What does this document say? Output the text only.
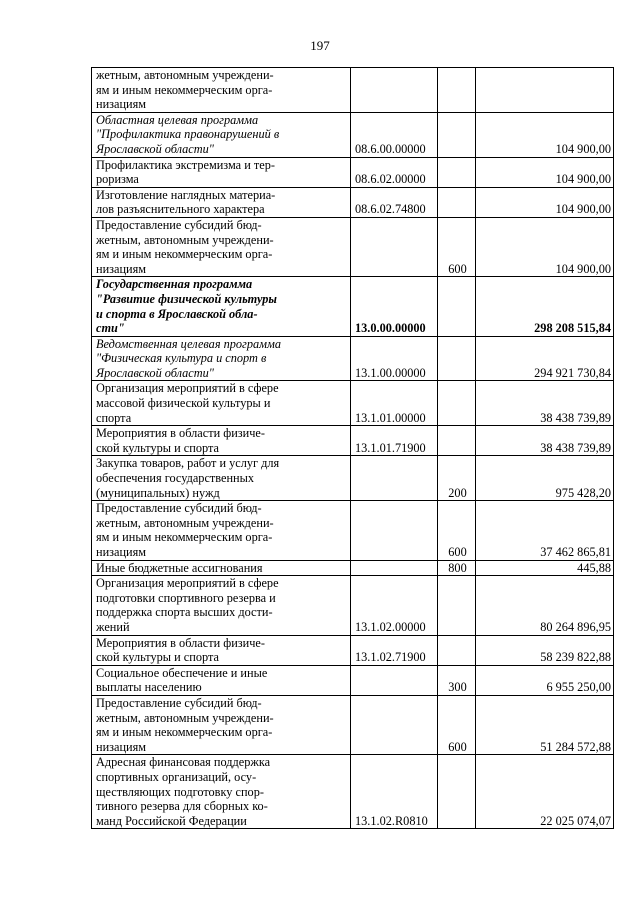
197
жетным, автономным учреждени-
ям и иным некоммерческим орга-
низациям			

Областная целевая программа
"Профилактика правонарушений в
Ярославской области"	08.6.00.00000		104 900,00

Профилактика экстремизма и тер-
роризма	08.6.02.00000		104 900,00

Изготовление наглядных материа-
лов разъяснительного характера	08.6.02.74800		104 900,00

Предоставление субсидий бюд-
жетным, автономным учреждени-
ям и иным некоммерческим орга-
низациям		600	104 900,00

Государственная программа
"Развитие физической культуры
и спорта в Ярославской обла-
сти"	13.0.00.00000		298 208 515,84

Ведомственная целевая программа
"Физическая культура и спорт в
Ярославской области"	13.1.00.00000		294 921 730,84

Организация мероприятий в сфере
массовой физической культуры и
спорта	13.1.01.00000		38 438 739,89

Мероприятия в области физиче-
ской культуры и спорта	13.1.01.71900		38 438 739,89

Закупка товаров, работ и услуг для
обеспечения государственных
(муниципальных) нужд		200	975 428,20

Предоставление субсидий бюд-
жетным, автономным учреждени-
ям и иным некоммерческим орга-
низациям		600	37 462 865,81

Иные бюджетные ассигнования		800	445,88

Организация мероприятий в сфере
подготовки спортивного резерва и
поддержка спорта высших дости-
жений	13.1.02.00000		80 264 896,95

Мероприятия в области физиче-
ской культуры и спорта	13.1.02.71900		58 239 822,88

Социальное обеспечение и иные
выплаты населению		300	6 955 250,00

Предоставление субсидий бюд-
жетным, автономным учреждени-
ям и иным некоммерческим орга-
низациям		600	51 284 572,88

Адресная финансовая поддержка
спортивных организаций, осу-
ществляющих подготовку спор-
тивного резерва для сборных ко-
манд Российской Федерации	13.1.02.R0810		22 025 074,07
